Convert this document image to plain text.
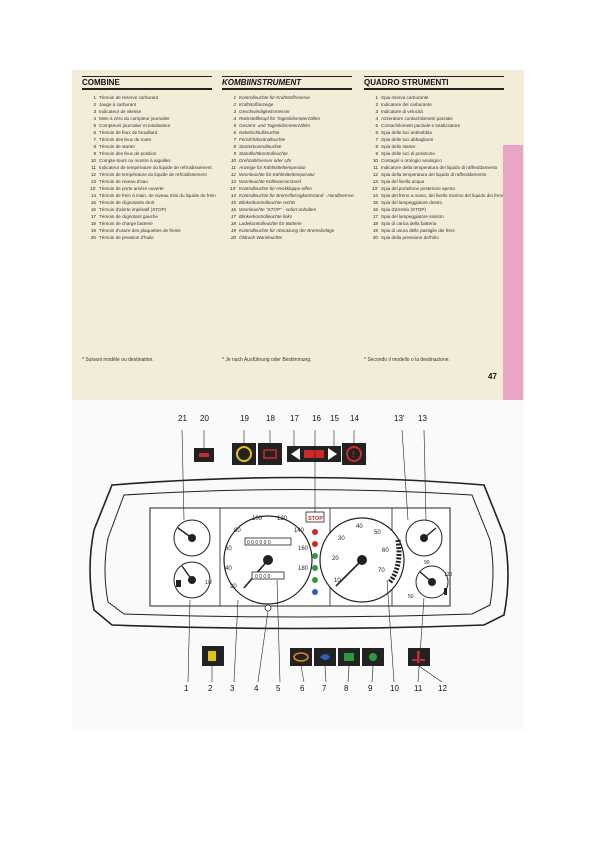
COMBINE
1 Témoin de réserve carburant
2 Jauge à carburant
3 Indicateur de vitesse
4 Mise à zéro du compteur journalier
5 Compteurs journalier et totalisateur
6 Témoin de feux de brouillard
7 Témoin des feux de route
8 Témoin de starter
9 Témoin des feux de position
10 Compte-tours ou montre à aiguilles
11 Indicateur de température du liquide de refroidissement
12 Témoin de température du liquide de refroidissement
13 Témoin de niveau d'eau
13' Témoin de porte arrière ouverte
14 Témoin de frein à main, de niveau mini du liquide de frein
15 Témoin de clignotants droit
16 Témoin d'alerte impératif (STOP)
17 Témoin de clignotant gauche
18 Témoin de charge batterie
19 Témoin d'usure des plaquettes de freins
20 Témoin de pression d'huile
* Suivant modèle ou destination.
KOMBIINSTRUMENT
1 Kontrolleuchte für Kraftstoffreserve
2 Kraftstoffanzeige
3 Geschwindigkeitsmesser
4 Rückstellknopf für Tageskilometerzähler
5 Gesamt- und Tageskilometerzähler
6 Nebelschlußleuchte
7 Fernlichtkontrolleuchte
8 Starterkontrolleuchte
9 Standlichtkontrolleuchte
10 Drehzahlmesser oder Uhr
11 Anzeige für Kühlmitteltemperatur
12 Warnleuchte für Kühlmitteltemperatur
13 Warnleuchte Kühlwasserstand
13' Kontrolleuchte für Heckklappe offen
14 Kontrolleuchte für Bremsflüssigkeitsstand - Handbremse
15 Blinkerkontrolleuchte rechts
16 Warnleuchte "STOP" - sofort anhalten
17 Blinkerkontrolleuchte links
18 Ladekontrolleuchte für Batterie
19 Kontrolleuchte für Abnutzung der Bremsbeläge
20 Öldruck-Warnleuchte
* Je nach Ausführung oder Bestimmung.
QUADRO STRUMENTI
1 Spia riserva carburante
2 Indicatore del carburante
3 Indicatore di velocità
4 Azzeratore contachilometri parziale
5 Contachilometri parziale e totalizzatore
6 Spia delle luci antinebbia
7 Spia delle luci abbaglianti
8 Spia dello starter
9 Spia delle luci di posizione
10 Contagiri o orologio analogico
11 Indicatore della temperatura del liquido di raffreddamento
12 Spia della temperatura del liquido di raffreddamento
13 Spia del livello acqua
13' Spia del portellone posteriore aperto
14 Spia del freno a mano, del livello minimo del liquido dei freni
15 Spia del lampeggiatore destro
16 Spia d'arresto (STOP)
17 Spia del lampeggiatore sinistro
18 Spia di carica della batteria
19 Spia di usura delle pastiglie dei freni
20 Spia della pressione dell'olio
* Secondo il modello o la destinazione.
47
1/2
0 0 0 0 0 0
0 0 0 0
20
40
60
80
100 120
140
160
180
STOP
10
20
30
40
50
60
70
50
90
130
!
21 20	19 18 17 16 15 14	13' 13
1 2 3 4 5 6 7 8 9 10 11 12
